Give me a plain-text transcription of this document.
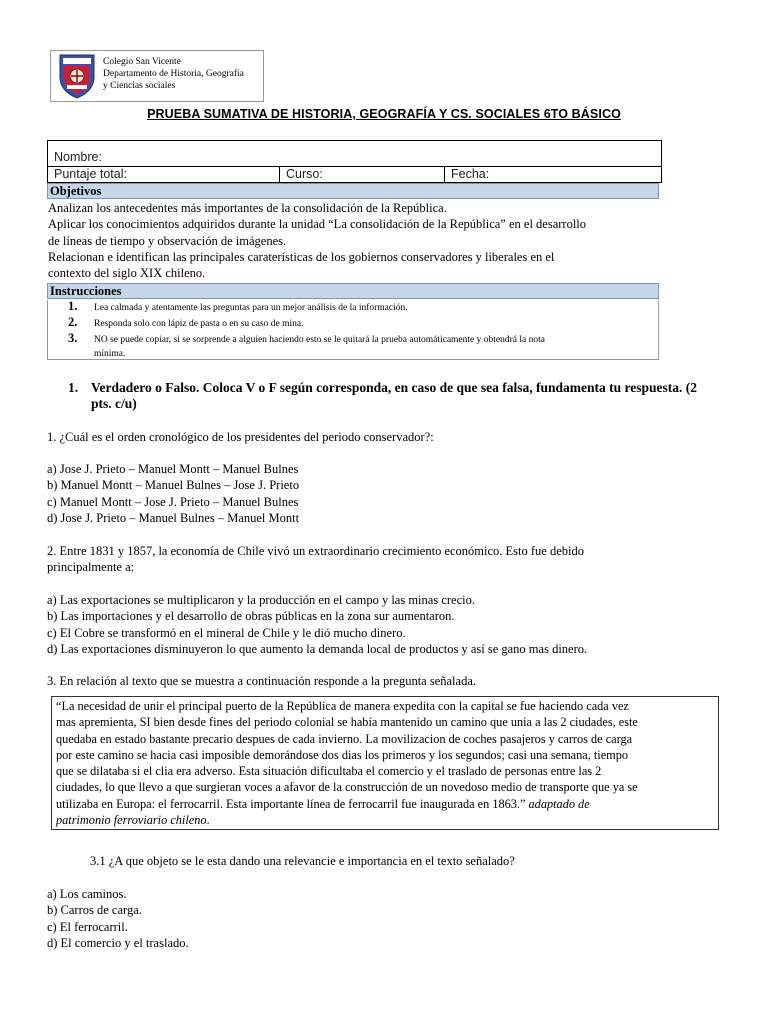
Colegio San Vicente
Departamento de Historia, Geografía
y Ciencias sociales
PRUEBA SUMATIVA DE HISTORIA, GEOGRAFÍA Y CS. SOCIALES 6TO BÁSICO
Nombre:
Puntaje total:	Curso:	Fecha:
Objetivos
Analizan los antecedentes más importantes de la consolidación de la República.
Aplicar los conocimientos adquiridos durante la unidad “La consolidación de la República” en el desarrollo
de líneas de tiempo y observación de imágenes.
Relacionan e identifican las principales caraterísticas de los gobiernos conservadores y liberales en el
contexto del siglo XIX chileno.
Instrucciones
1. Lea calmada y atentamente las preguntas para un mejor análisis de la información.
2. Responda solo con lápiz de pasta o en su caso de mina.
3. NO se puede copiar, si se sorprende a alguien haciendo esto se le quitará la prueba automáticamente y obtendrá la nota
mínima.
1. Verdadero o Falso. Coloca V o F según corresponda, en caso de que sea falsa, fundamenta tu respuesta. (2
pts. c/u)
1. ¿Cuál es el orden cronológico de los presidentes del periodo conservador?:
a) Jose J. Prieto – Manuel Montt – Manuel Bulnes
b) Manuel Montt – Manuel Bulnes – Jose J. Prieto
c) Manuel Montt – Jose J. Prieto – Manuel Bulnes
d) Jose J. Prieto – Manuel Bulnes – Manuel Montt
2. Entre 1831 y 1857, la economía de Chile vivó un extraordinario crecimiento económico. Esto fue debido
principalmente a:
a) Las exportaciones se multiplicaron y la producción en el campo y las minas crecio.
b) Las importaciones y el desarrollo de obras públicas en la zona sur aumentaron.
c) El Cobre se transformó en el mineral de Chile y le dió mucho dinero.
d) Las exportaciones disminuyeron lo que aumento la demanda local de productos y así se gano mas dinero.
3. En relación al texto que se muestra a continuación responde a la pregunta señalada.
“La necesidad de unir el principal puerto de la República de manera expedita con la capital se fue haciendo cada vez
mas apremienta, SI bien desde fines del periodo colonial se había mantenido un camino que unia a las 2 ciudades, este
quedaba en estado bastante precario despues de cada invierno. La movilizacion de coches pasajeros y carros de carga
por este camino se hacia casi imposible demorándose dos dias los primeros y los segundos; casi una semana, tiempo
que se dilataba si el clia era adverso. Esta situación dificultaba el comercio y el traslado de personas entre las 2
ciudades, lo que llevo a que surgieran voces a afavor de la construcción de un novedoso medio de transporte que ya se
utilizaba en Europa: el ferrocarril. Esta importante línea de ferrocarril fue inaugurada en 1863.” adaptado de
patrimonio ferroviario chileno.
3.1 ¿A que objeto se le esta dando una relevancie e importancia en el texto señalado?
a) Los caminos.
b) Carros de carga.
c) El ferrocarril.
d) El comercio y el traslado.
